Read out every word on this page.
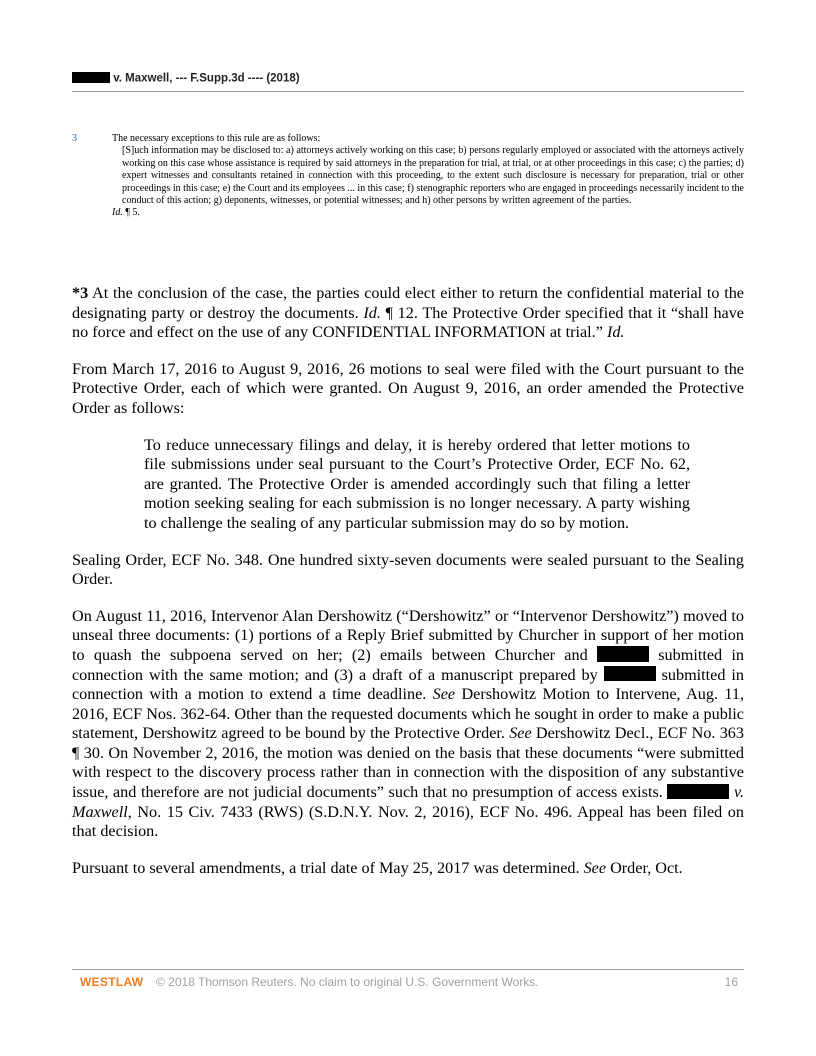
v. Maxwell, --- F.Supp.3d ---- (2018)
3	The necessary exceptions to this rule are as follows:
[S]uch information may be disclosed to: a) attorneys actively working on this case; b) persons regularly employed or associated with the attorneys actively working on this case whose assistance is required by said attorneys in the preparation for trial, at trial, or at other proceedings in this case; c) the parties; d) expert witnesses and consultants retained in connection with this proceeding, to the extent such disclosure is necessary for preparation, trial or other proceedings in this case; e) the Court and its employees ... in this case; f) stenographic reporters who are engaged in proceedings necessarily incident to the conduct of this action; g) deponents, witnesses, or potential witnesses; and h) other persons by written agreement of the parties.
Id. ¶ 5.

*3 At the conclusion of the case, the parties could elect either to return the confidential material to the designating party or destroy the documents. Id. ¶ 12. The Protective Order specified that it “shall have no force and effect on the use of any CONFIDENTIAL INFORMATION at trial.” Id.

From March 17, 2016 to August 9, 2016, 26 motions to seal were filed with the Court pursuant to the Protective Order, each of which were granted. On August 9, 2016, an order amended the Protective Order as follows:

To reduce unnecessary filings and delay, it is hereby ordered that letter motions to file submissions under seal pursuant to the Court’s Protective Order, ECF No. 62, are granted. The Protective Order is amended accordingly such that filing a letter motion seeking sealing for each submission is no longer necessary. A party wishing to challenge the sealing of any particular submission may do so by motion.

Sealing Order, ECF No. 348. One hundred sixty-seven documents were sealed pursuant to the Sealing Order.

On August 11, 2016, Intervenor Alan Dershowitz (“Dershowitz” or “Intervenor Dershowitz”) moved to unseal three documents: (1) portions of a Reply Brief submitted by Churcher in support of her motion to quash the subpoena served on her; (2) emails between Churcher and	submitted in connection with the same motion; and (3) a draft of a manuscript prepared by	submitted in connection with a motion to extend a time deadline. See Dershowitz Motion to Intervene, Aug. 11, 2016, ECF Nos. 362-64. Other than the requested documents which he sought in order to make a public statement, Dershowitz agreed to be bound by the Protective Order. See Dershowitz Decl., ECF No. 363 ¶ 30. On November 2, 2016, the motion was denied on the basis that these documents “were submitted with respect to the discovery process rather than in connection with the disposition of any substantive issue, and therefore are not judicial documents” such that no presumption of access exists.	v. Maxwell, No. 15 Civ. 7433 (RWS) (S.D.N.Y. Nov. 2, 2016), ECF No. 496. Appeal has been filed on that decision.

Pursuant to several amendments, a trial date of May 25, 2017 was determined. See Order, Oct.

WESTLAW © 2018 Thomson Reuters. No claim to original U.S. Government Works.	16
